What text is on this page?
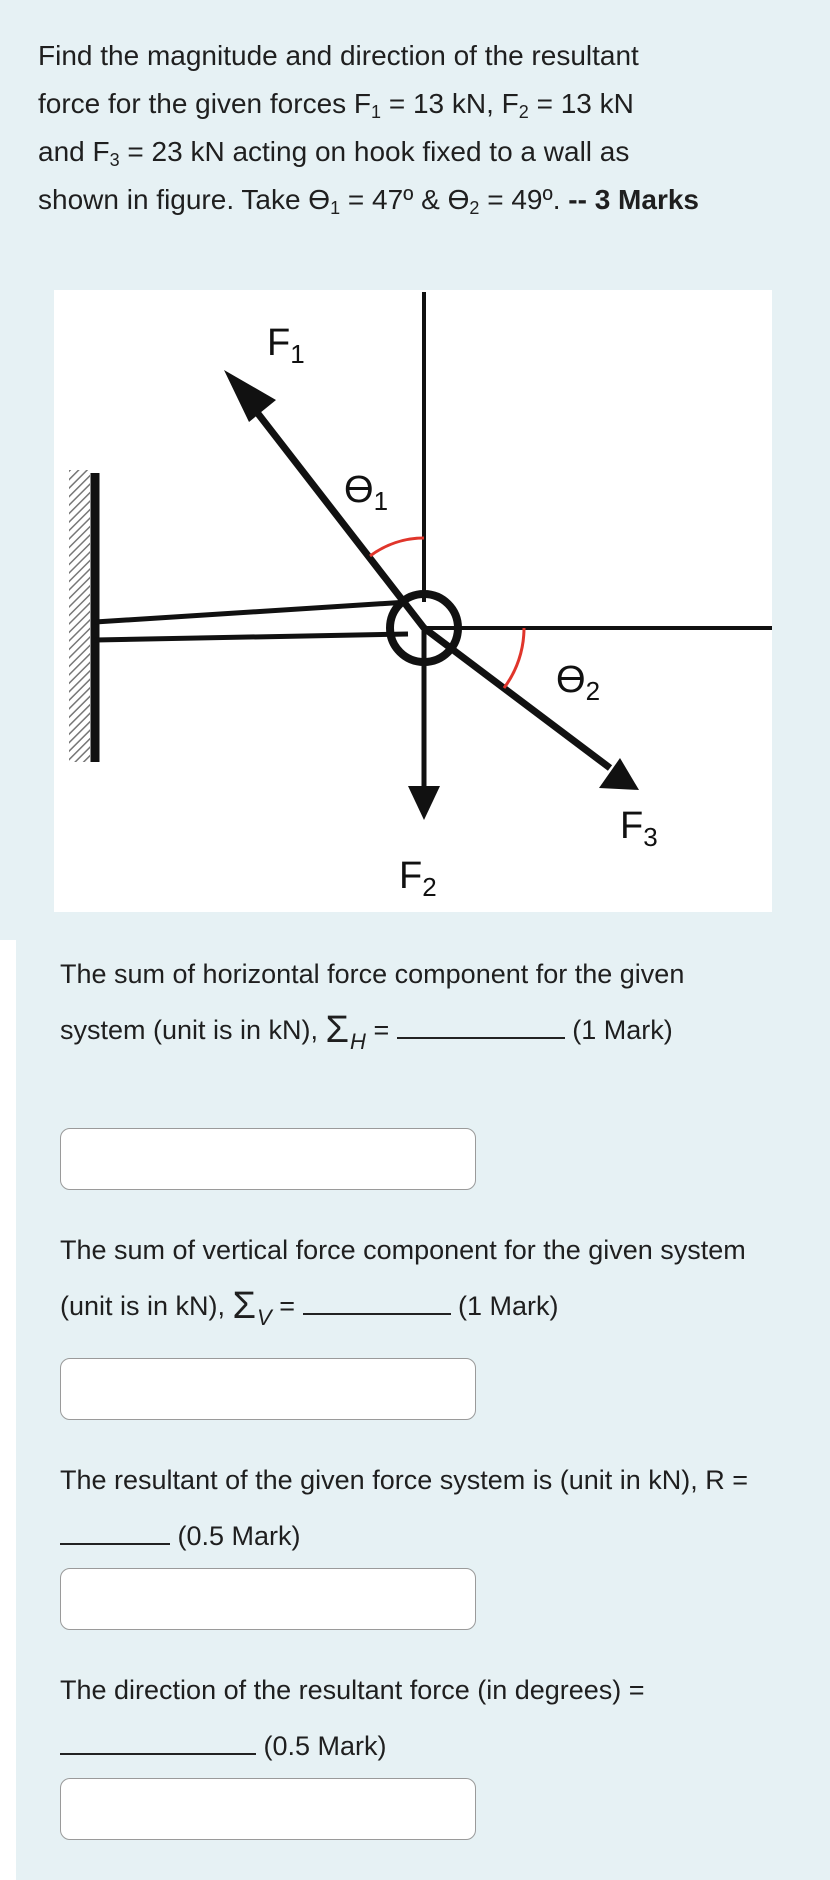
Find the magnitude and direction of the resultant
force for the given forces $F_1 = 13$ kN, $F_2 = 13$ kN
and $F_3 = 23$ kN acting on hook fixed to a wall as
shown in figure. Take $ϴ_1$ = 47º & $ϴ_2$ = 49º. -- 3 Marks

$F_1$
$ϴ_1$
$ϴ_2$
$F_3$
$F_2$
The sum of horizontal force component for the given system (unit is in kN), $\Sigma_H$ =	(1 Mark)
The sum of vertical force component for the given system (unit is in kN), $\Sigma_V$ =	(1 Mark)
The resultant of the given force system is (unit in kN), R = (0.5 Mark)
The direction of the resultant force (in degrees) =
(0.5 Mark)
